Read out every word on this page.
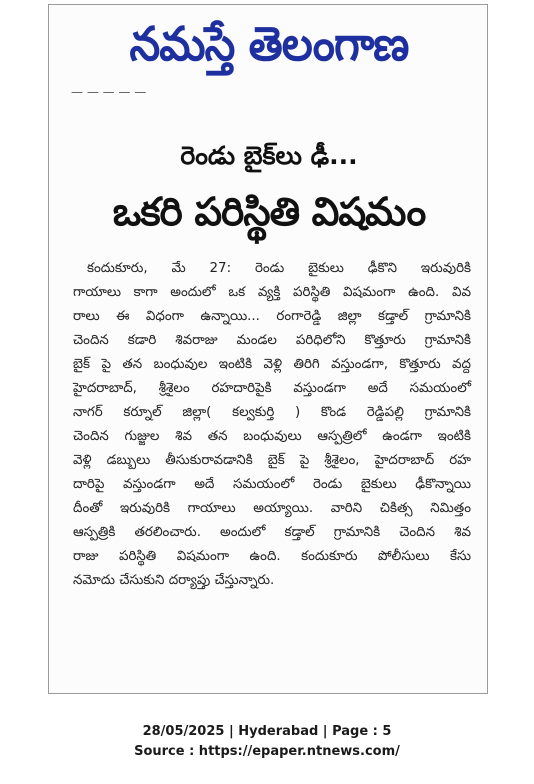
నమస్తే తెలంగాణ
— — — — —
రెండు బైక్‌లు ఢీ...
ఒకరి పరిస్థితి విషమం
కందుకూరు, మే 27: రెండు బైకులు ఢీకొని ఇరువురికి
గాయాలు కాగా అందులో ఒక వ్యక్తి పరిస్థితి విషమంగా ఉంది. వివ
రాలు ఈ విధంగా ఉన్నాయి... రంగారెడ్డి జిల్లా కడ్తాల్ గ్రామానికి
చెందిన కడారి శివరాజు మండల పరిధిలోని కొత్తూరు గ్రామానికి
బైక్ పై తన బంధువుల ఇంటికి వెళ్లి తిరిగి వస్తుండగా, కొత్తూరు వద్ద
హైదరాబాద్, శ్రీశైలం రహదారిపైకి వస్తుండగా అదే సమయంలో
నాగర్ కర్నూల్ జిల్లా( కల్వకుర్తి ) కొండ రెడ్డిపల్లి గ్రామానికి
చెందిన గుజ్జుల శివ తన బంధువులు ఆస్పత్రిలో ఉండగా ఇంటికి
వెళ్లి డబ్బులు తీసుకురావడానికి బైక్ పై శ్రీశైలం, హైదరాబాద్ రహ
దారిపై వస్తుండగా అదే సమయంలో రెండు బైకులు ఢీకొన్నాయి
దీంతో ఇరువురికి గాయాలు అయ్యాయి. వారిని చికిత్స నిమిత్తం
ఆస్పత్రికి తరలించారు. అందులో కడ్తాల్ గ్రామానికి చెందిన శివ
రాజు పరిస్థితి విషమంగా ఉంది. కందుకూరు పోలీసులు కేసు
నమోదు చేసుకుని దర్యాప్తు చేస్తున్నారు.
28/05/2025 | Hyderabad | Page : 5
Source : https://epaper.ntnews.com/
